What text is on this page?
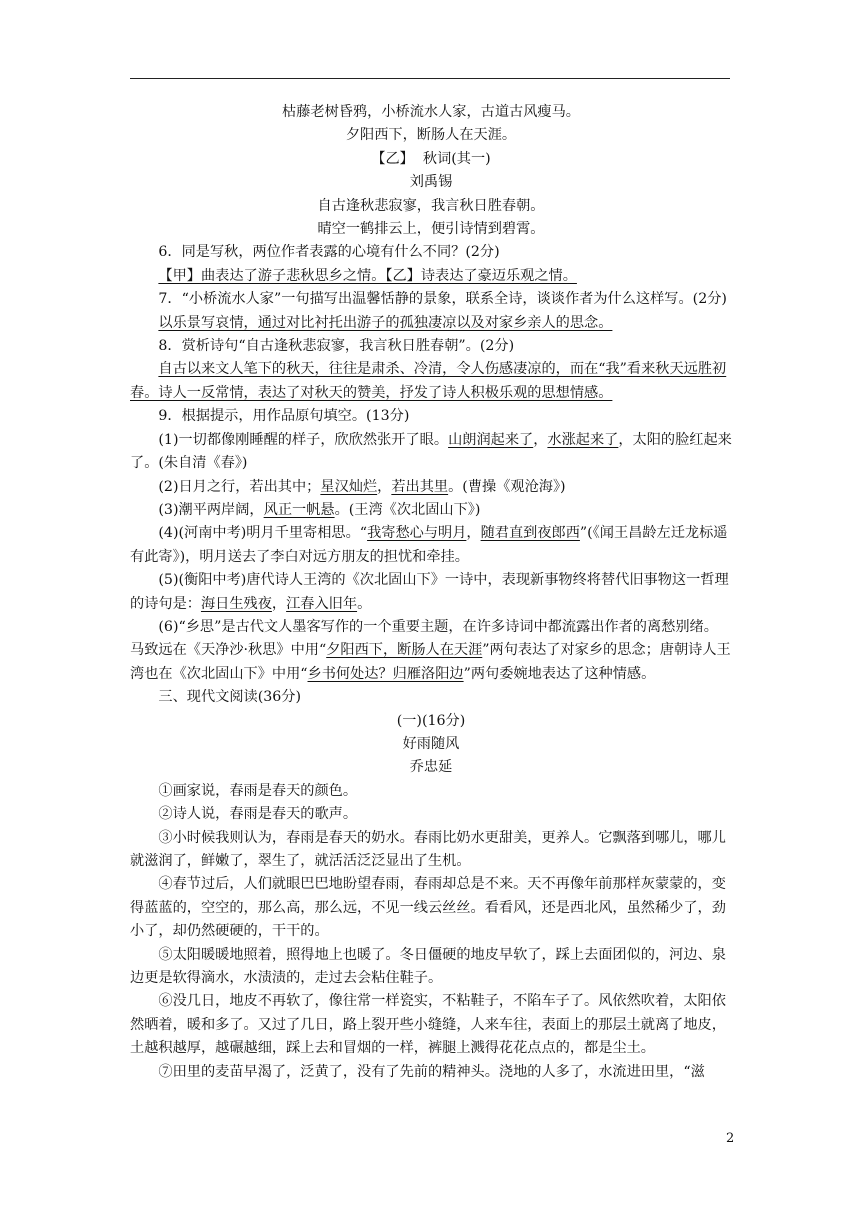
枯藤老树昏鸦，小桥流水人家，古道古风瘦马。

夕阳西下，断肠人在天涯。

【乙】 秋词(其一)

刘禹锡

自古逢秋悲寂寥，我言秋日胜春朝。

晴空一鹤排云上，便引诗情到碧霄。

6．同是写秋，两位作者表露的心境有什么不同？(2分)

【甲】曲表达了游子悲秋思乡之情。【乙】诗表达了豪迈乐观之情。

7．“小桥流水人家”一句描写出温馨恬静的景象，联系全诗，谈谈作者为什么这样写。(2分)

以乐景写哀情，通过对比衬托出游子的孤独凄凉以及对家乡亲人的思念。

8．赏析诗句“自古逢秋悲寂寥，我言秋日胜春朝”。(2分)

自古以来文人笔下的秋天，往往是肃杀、冷清，令人伤感凄凉的，而在“我”看来秋天远胜初春。诗人一反常情，表达了对秋天的赞美，抒发了诗人积极乐观的思想情感。

9．根据提示，用作品原句填空。(13分)

(1)一切都像刚睡醒的样子，欣欣然张开了眼。山朗润起来了，水涨起来了，太阳的脸红起来了。(朱自清《春》)

(2)日月之行，若出其中；星汉灿烂，若出其里。(曹操《观沧海》)

(3)潮平两岸阔，风正一帆悬。(王湾《次北固山下》)

(4)(河南中考)明月千里寄相思。“我寄愁心与明月，随君直到夜郎西”(《闻王昌龄左迁龙标遥有此寄》)，明月送去了李白对远方朋友的担忧和牵挂。

(5)(衡阳中考)唐代诗人王湾的《次北固山下》一诗中，表现新事物终将替代旧事物这一哲理的诗句是：海日生残夜，江春入旧年。

(6)“乡思”是古代文人墨客写作的一个重要主题，在许多诗词中都流露出作者的离愁别绪。马致远在《天净沙·秋思》中用“夕阳西下，断肠人在天涯”两句表达了对家乡的思念；唐朝诗人王湾也在《次北固山下》中用“乡书何处达？归雁洛阳边”两句委婉地表达了这种情感。

三、现代文阅读(36分)

(一)(16分)

好雨随风

乔忠延

①画家说，春雨是春天的颜色。

②诗人说，春雨是春天的歌声。

③小时候我则认为，春雨是春天的奶水。春雨比奶水更甜美，更养人。它飘落到哪儿，哪儿就滋润了，鲜嫩了，翠生了，就活活泛泛显出了生机。

④春节过后，人们就眼巴巴地盼望春雨，春雨却总是不来。天不再像年前那样灰蒙蒙的，变得蓝蓝的，空空的，那么高，那么远，不见一线云丝丝。看看风，还是西北风，虽然稀少了，劲小了，却仍然硬硬的，干干的。

⑤太阳暖暖地照着，照得地上也暖了。冬日僵硬的地皮早软了，踩上去面团似的，河边、泉边更是软得滴水，水渍渍的，走过去会粘住鞋子。

⑥没几日，地皮不再软了，像往常一样瓷实，不粘鞋子，不陷车子了。风依然吹着，太阳依然晒着，暖和多了。又过了几日，路上裂开些小缝缝，人来车往，表面上的那层土就离了地皮，土越积越厚，越碾越细，踩上去和冒烟的一样，裤腿上溅得花花点点的，都是尘土。

⑦田里的麦苗早渴了，泛黄了，没有了先前的精神头。浇地的人多了，水流进田里，“滋

2
